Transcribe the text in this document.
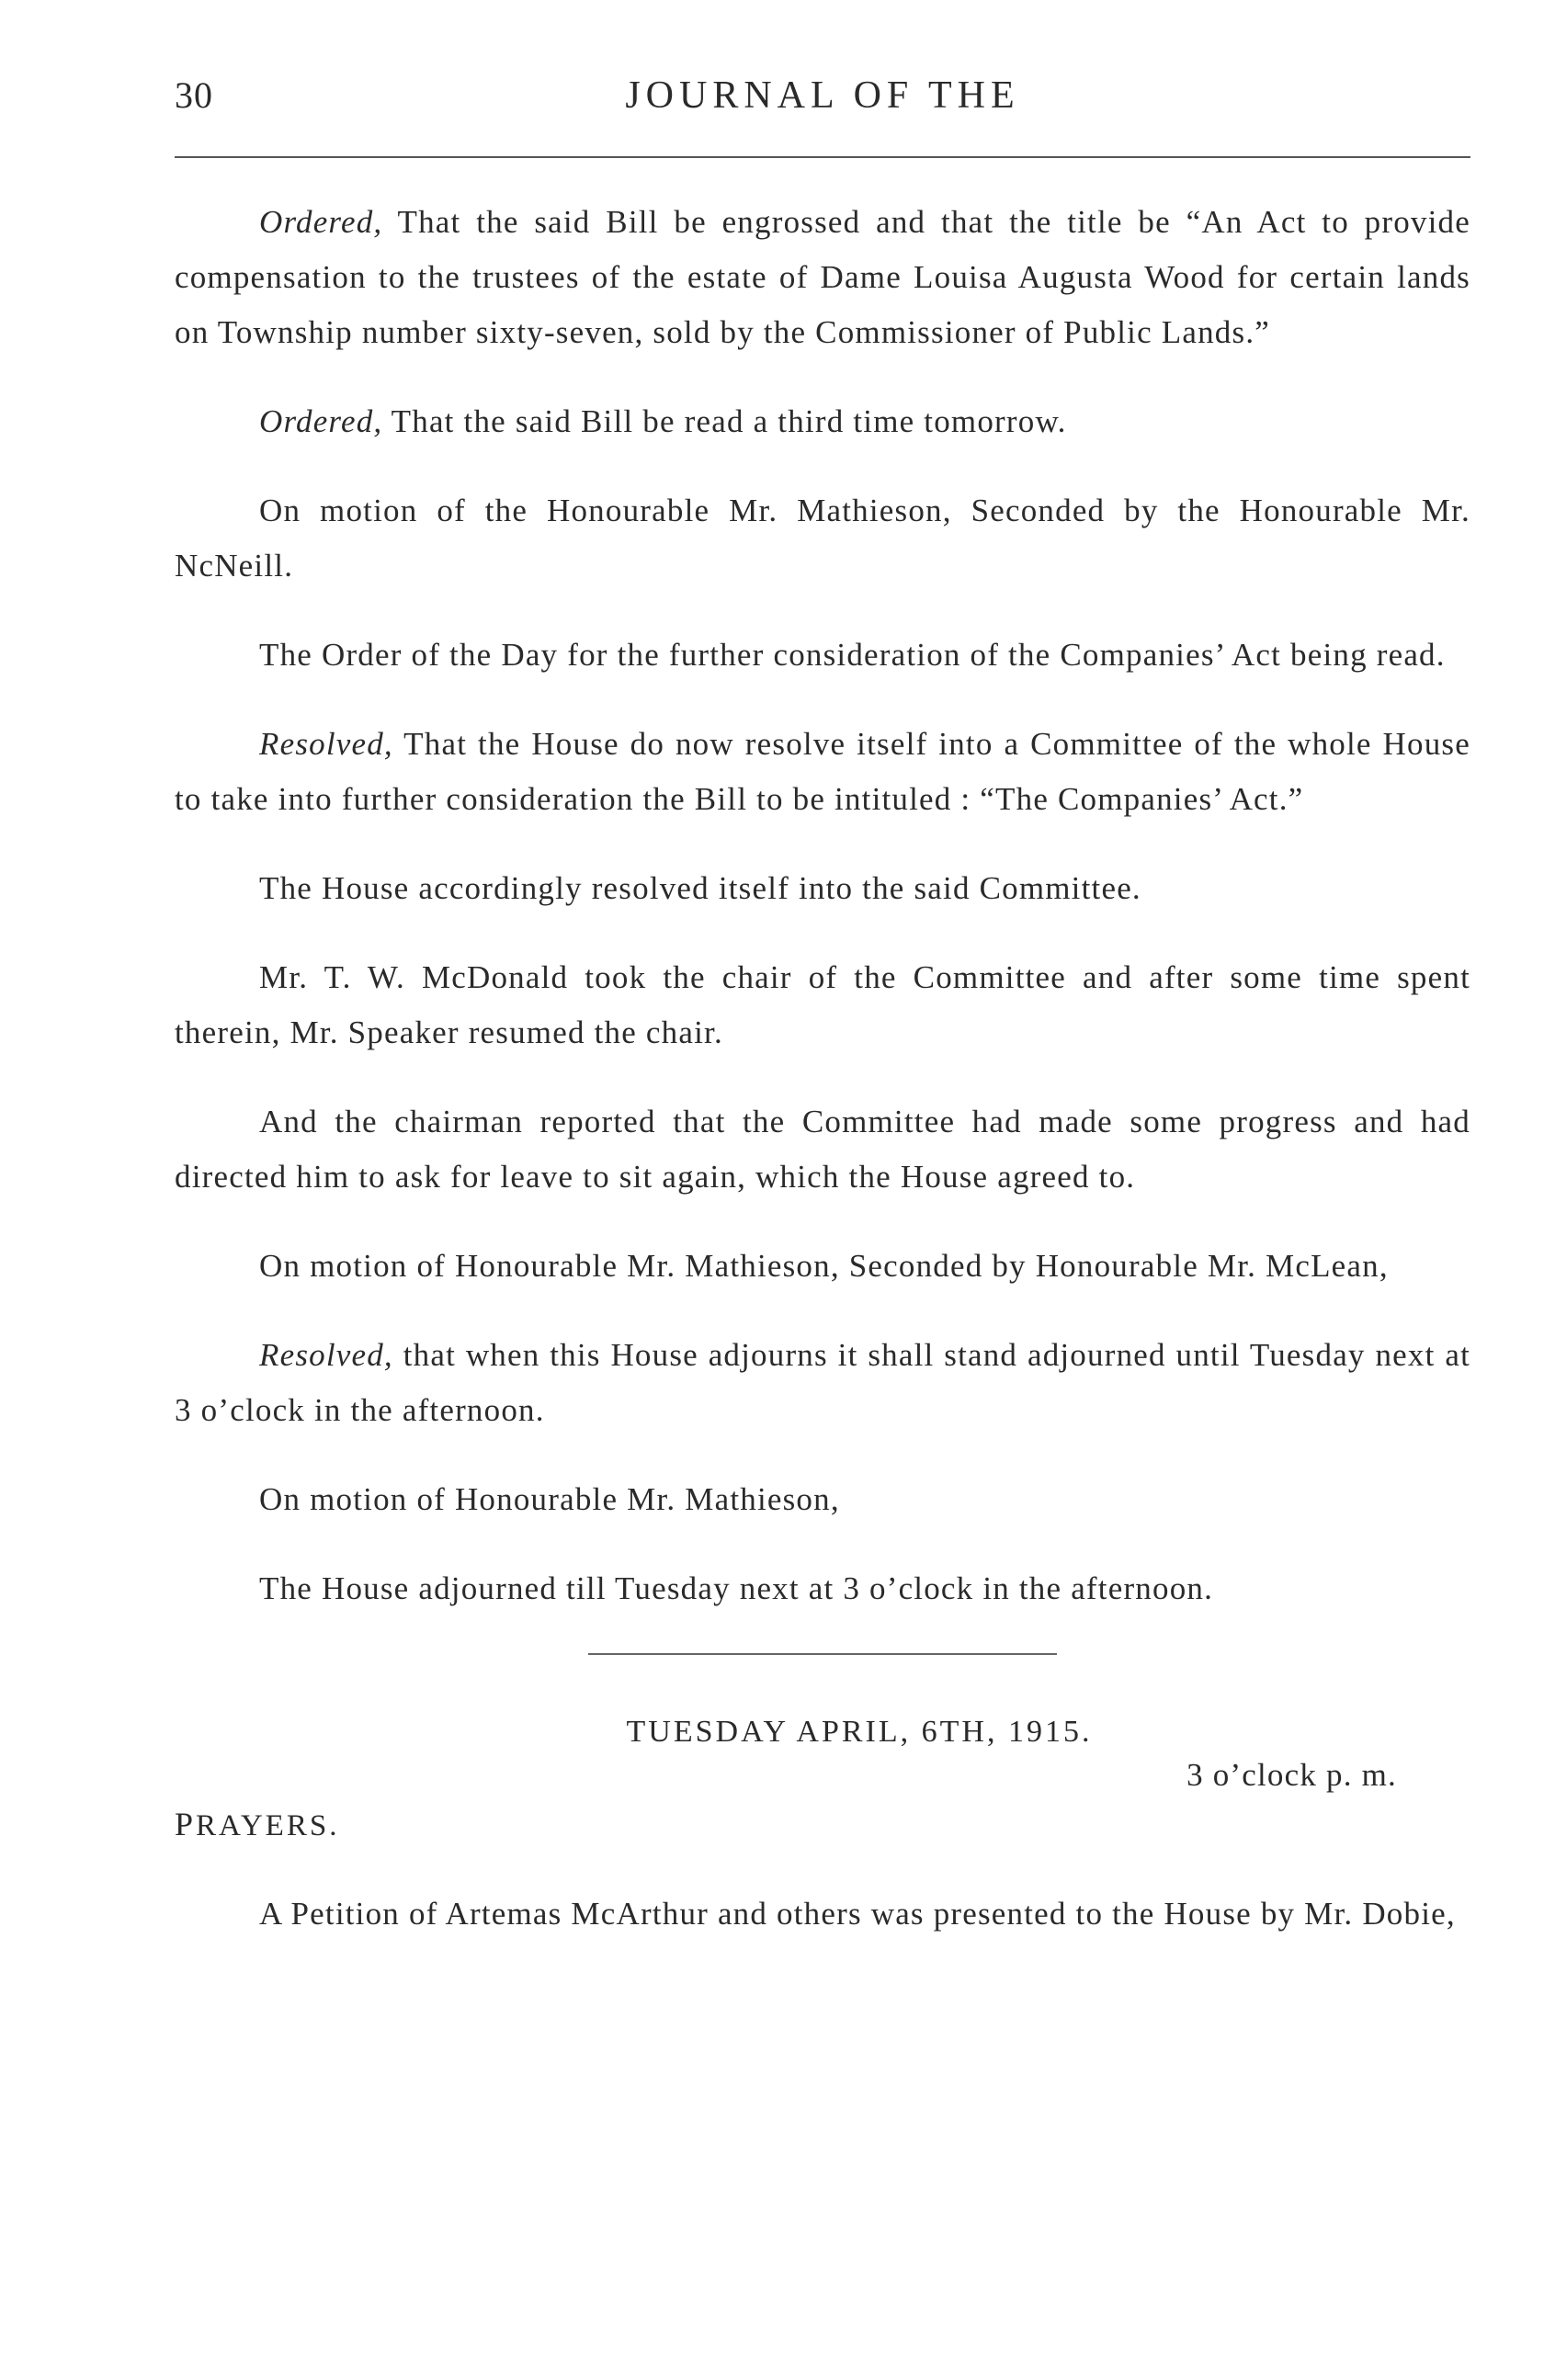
30	JOURNAL OF THE

Ordered, That the said Bill be engrossed and that the title be “An Act to provide compensation to the trustees of the estate of Dame Louisa Augusta Wood for certain lands on Township number sixty-seven, sold by the Commissioner of Public Lands.”

Ordered, That the said Bill be read a third time tomorrow.

On motion of the Honourable Mr. Mathieson, Seconded by the Honourable Mr. NcNeill.

The Order of the Day for the further consideration of the Companies’ Act being read.

Resolved, That the House do now resolve itself into a Committee of the whole House to take into further consideration the Bill to be intituled : “The Companies’ Act.”

The House accordingly resolved itself into the said Committee.

Mr. T. W. McDonald took the chair of the Committee and after some time spent therein, Mr. Speaker resumed the chair.

And the chairman reported that the Committee had made some progress and had directed him to ask for leave to sit again, which the House agreed to.

On motion of Honourable Mr. Mathieson, Seconded by Honourable Mr. McLean,

Resolved, that when this House adjourns it shall stand adjourned until Tuesday next at 3 o’clock in the afternoon.

On motion of Honourable Mr. Mathieson,

The House adjourned till Tuesday next at 3 o’clock in the afternoon.

TUESDAY APRIL, 6TH, 1915.

3 o’clock p. m.

PRAYERS.

A Petition of Artemas McArthur and others was presented to the House by Mr. Dobie,
